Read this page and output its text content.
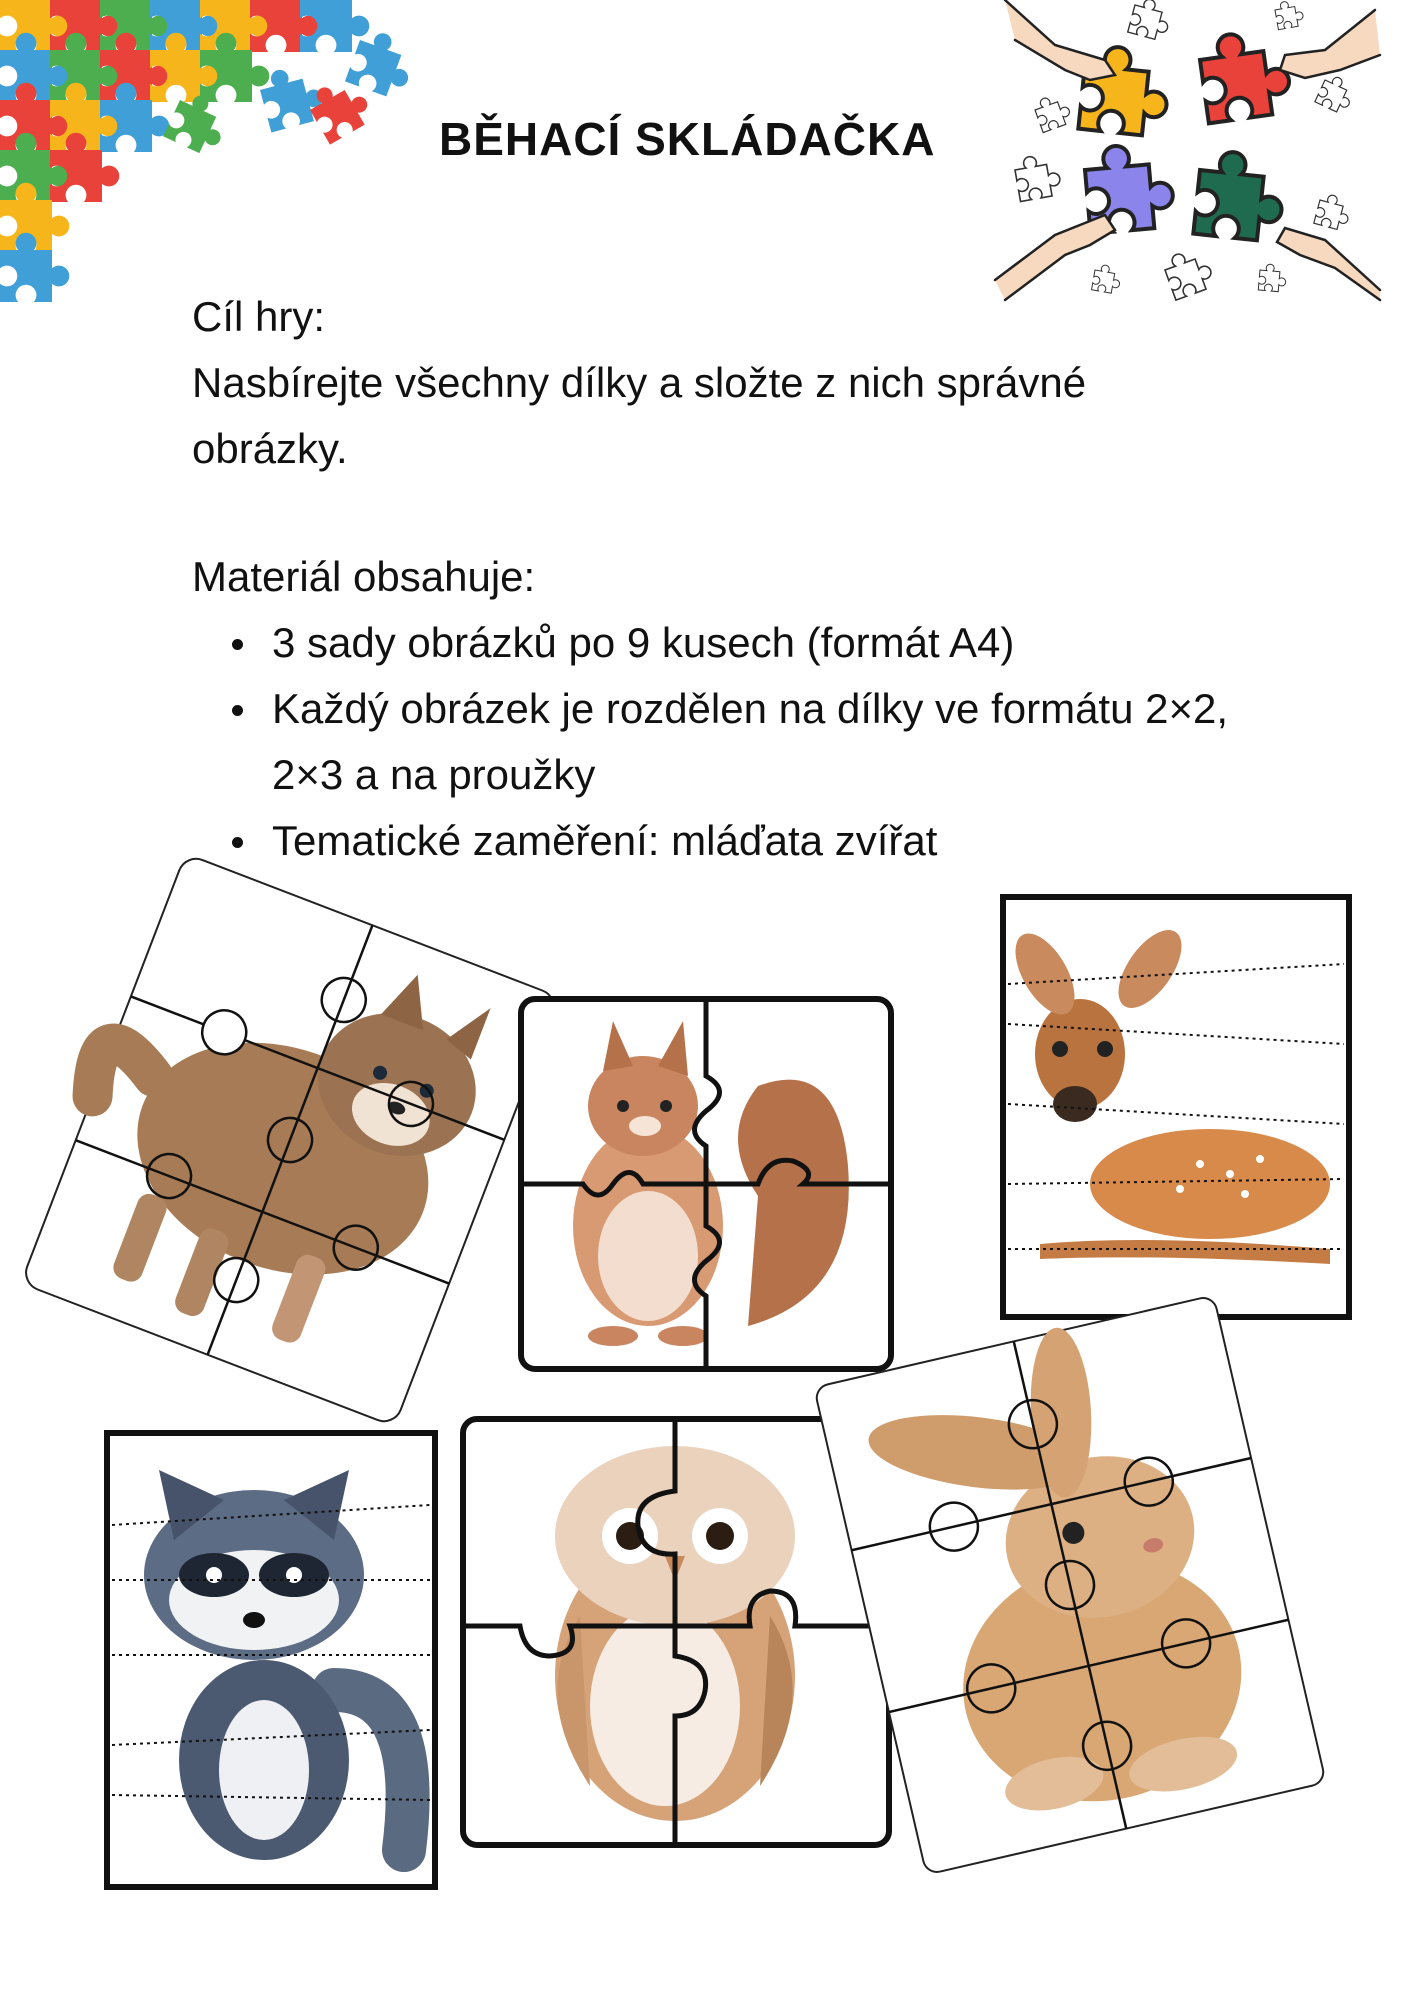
BĚHACÍ SKLÁDAČKA
Cíl hry:
Nasbírejte všechny dílky a složte z nich správné obrázky.
Materiál obsahuje:
3 sady obrázků po 9 kusech (formát A4)
Každý obrázek je rozdělen na dílky ve formátu 2×2, 2×3 a na proužky
Tematické zaměření: mláďata zvířat
